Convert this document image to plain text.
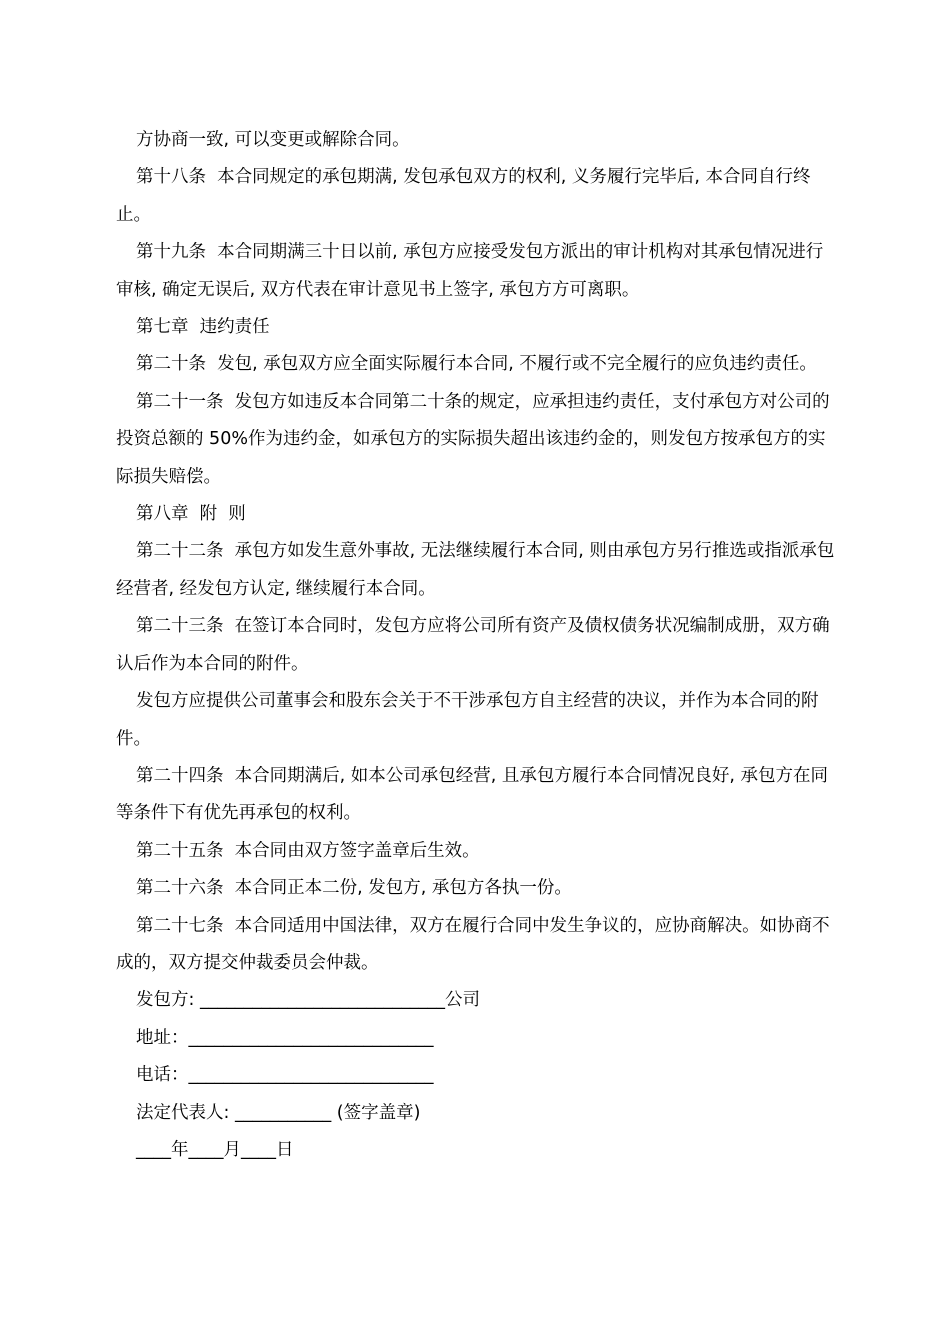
方协商一致, 可以变更或解除合同。

第十八条  本合同规定的承包期满, 发包承包双方的权利, 义务履行完毕后, 本合同自行终止。

第十九条  本合同期满三十日以前, 承包方应接受发包方派出的审计机构对其承包情况进行审核, 确定无误后, 双方代表在审计意见书上签字, 承包方方可离职。

第七章  违约责任

第二十条  发包, 承包双方应全面实际履行本合同, 不履行或不完全履行的应负违约责任。

第二十一条  发包方如违反本合同第二十条的规定，应承担违约责任，支付承包方对公司的投资总额的 50%作为违约金，如承包方的实际损失超出该违约金的，则发包方按承包方的实际损失赔偿。

第八章  附  则

第二十二条  承包方如发生意外事故, 无法继续履行本合同, 则由承包方另行推选或指派承包经营者, 经发包方认定, 继续履行本合同。

第二十三条  在签订本合同时，发包方应将公司所有资产及债权债务状况编制成册，双方确认后作为本合同的附件。

发包方应提供公司董事会和股东会关于不干涉承包方自主经营的决议，并作为本合同的附件。

第二十四条  本合同期满后, 如本公司承包经营, 且承包方履行本合同情况良好, 承包方在同等条件下有优先再承包的权利。

第二十五条  本合同由双方签字盖章后生效。

第二十六条  本合同正本二份, 发包方, 承包方各执一份。

第二十七条  本合同适用中国法律，双方在履行合同中发生争议的，应协商解决。如协商不成的，双方提交仲裁委员会仲裁。

发包方: ____________________________公司

地址：____________________________

电话：____________________________

法定代表人: ___________ (签字盖章)

____年____月____日
